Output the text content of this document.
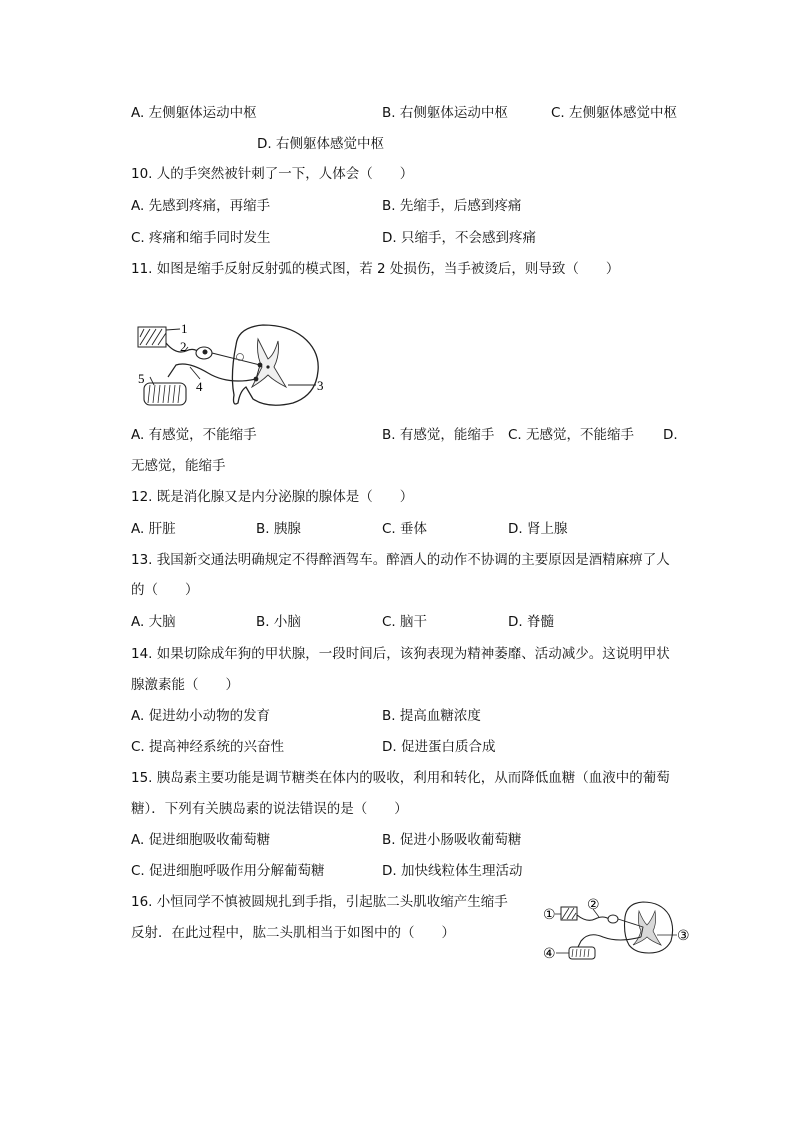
A. 左侧躯体运动中枢	B. 右侧躯体运动中枢	C. 左侧躯体感觉中枢
D. 右侧躯体感觉中枢
10. 人的手突然被针刺了一下，人体会（　　）
A. 先感到疼痛，再缩手	B. 先缩手，后感到疼痛
C. 疼痛和缩手同时发生	D. 只缩手，不会感到疼痛
11. 如图是缩手反射反射弧的模式图，若 2 处损伤，当手被烫后，则导致（　　）
1
2
3
4
5
A. 有感觉，不能缩手	B. 有感觉，能缩手 C. 无感觉，不能缩手 D.
无感觉，能缩手
12. 既是消化腺又是内分泌腺的腺体是（　　）
A. 肝脏	B. 胰腺	C. 垂体	D. 肾上腺
13. 我国新交通法明确规定不得醉酒驾车。醉酒人的动作不协调的主要原因是酒精麻痹了人
的（　　）
A. 大脑	B. 小脑	C. 脑干	D. 脊髓
14. 如果切除成年狗的甲状腺，一段时间后，该狗表现为精神萎靡、活动减少。这说明甲状
腺激素能（　　）
A. 促进幼小动物的发育	B. 提高血糖浓度
C. 提高神经系统的兴奋性	D. 促进蛋白质合成
15. 胰岛素主要功能是调节糖类在体内的吸收，利用和转化，从而降低血糖（血液中的葡萄
糖）．下列有关胰岛素的说法错误的是（　　）
A. 促进细胞吸收葡萄糖	B. 促进小肠吸收葡萄糖
C. 促进细胞呼吸作用分解葡萄糖	D. 加快线粒体生理活动
16. 小恒同学不慎被圆规扎到手指，引起肱二头肌收缩产生缩手
反射．在此过程中，肱二头肌相当于如图中的（　　）
①
②
③
④
